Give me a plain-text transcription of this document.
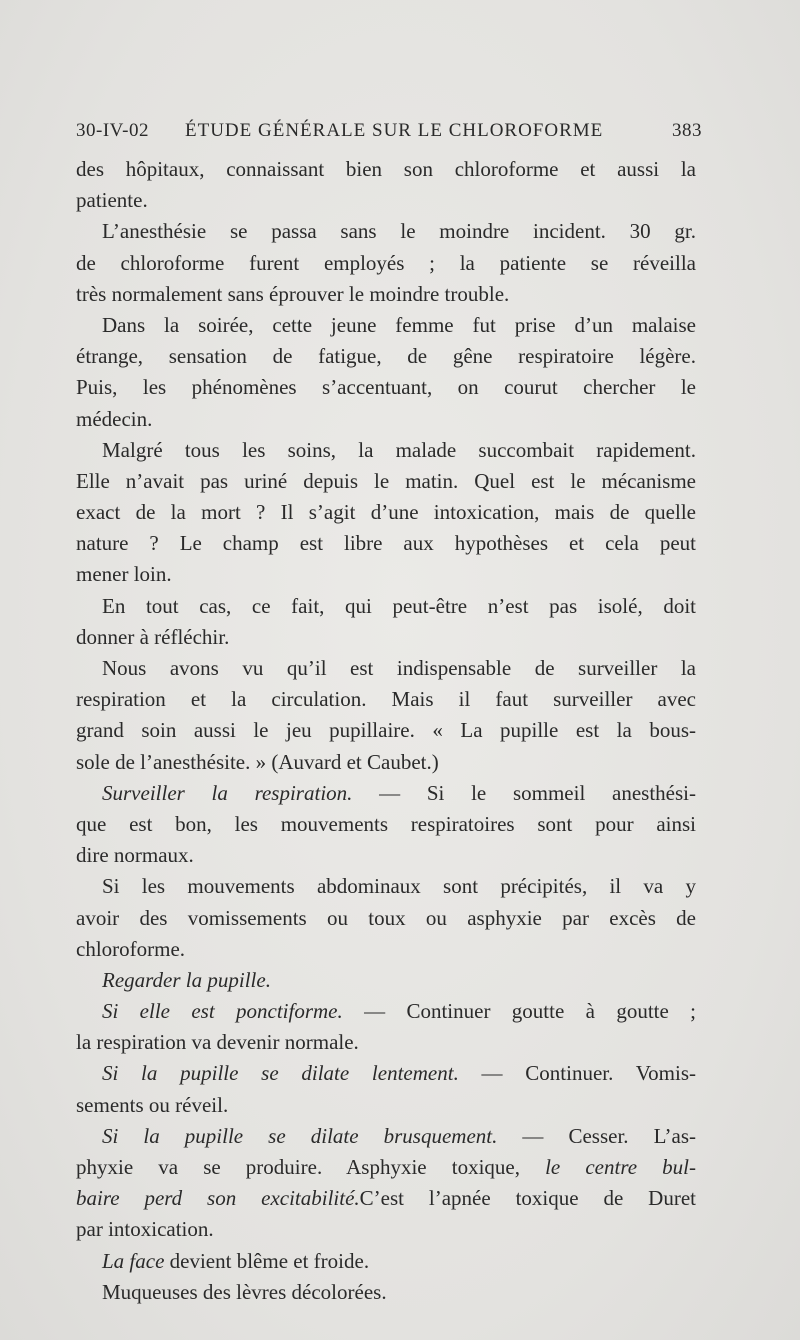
30-IV-02 ÉTUDE GÉNÉRALE SUR LE CHLOROFORME	383
des hôpitaux, connaissant bien son chloroforme et aussi la
patiente.
L’anesthésie se passa sans le moindre incident. 30 gr.
de chloroforme furent employés ; la patiente se réveilla
très normalement sans éprouver le moindre trouble.
Dans la soirée, cette jeune femme fut prise d’un malaise
étrange, sensation de fatigue, de gêne respiratoire légère.
Puis, les phénomènes s’accentuant, on courut chercher le
médecin.
Malgré tous les soins, la malade succombait rapidement.
Elle n’avait pas uriné depuis le matin. Quel est le mécanisme
exact de la mort ? Il s’agit d’une intoxication, mais de quelle
nature ? Le champ est libre aux hypothèses et cela peut
mener loin.
En tout cas, ce fait, qui peut-être n’est pas isolé, doit
donner à réfléchir.
Nous avons vu qu’il est indispensable de surveiller la
respiration et la circulation. Mais il faut surveiller avec
grand soin aussi le jeu pupillaire. « La pupille est la bous-
sole de l’anesthésite. » (Auvard et Caubet.)
Surveiller la respiration. — Si le sommeil anesthési-
que est bon, les mouvements respiratoires sont pour ainsi
dire normaux.
Si les mouvements abdominaux sont précipités, il va y
avoir des vomissements ou toux ou asphyxie par excès de
chloroforme.
Regarder la pupille.
Si elle est ponctiforme. — Continuer goutte à goutte ;
la respiration va devenir normale.
Si la pupille se dilate lentement. — Continuer. Vomis-
sements ou réveil.
Si la pupille se dilate brusquement. — Cesser. L’as-
phyxie va se produire. Asphyxie toxique, le centre bul-
baire perd son excitabilité.C’est l’apnée toxique de Duret
par intoxication.
La face devient blême et froide.
Muqueuses des lèvres décolorées.
